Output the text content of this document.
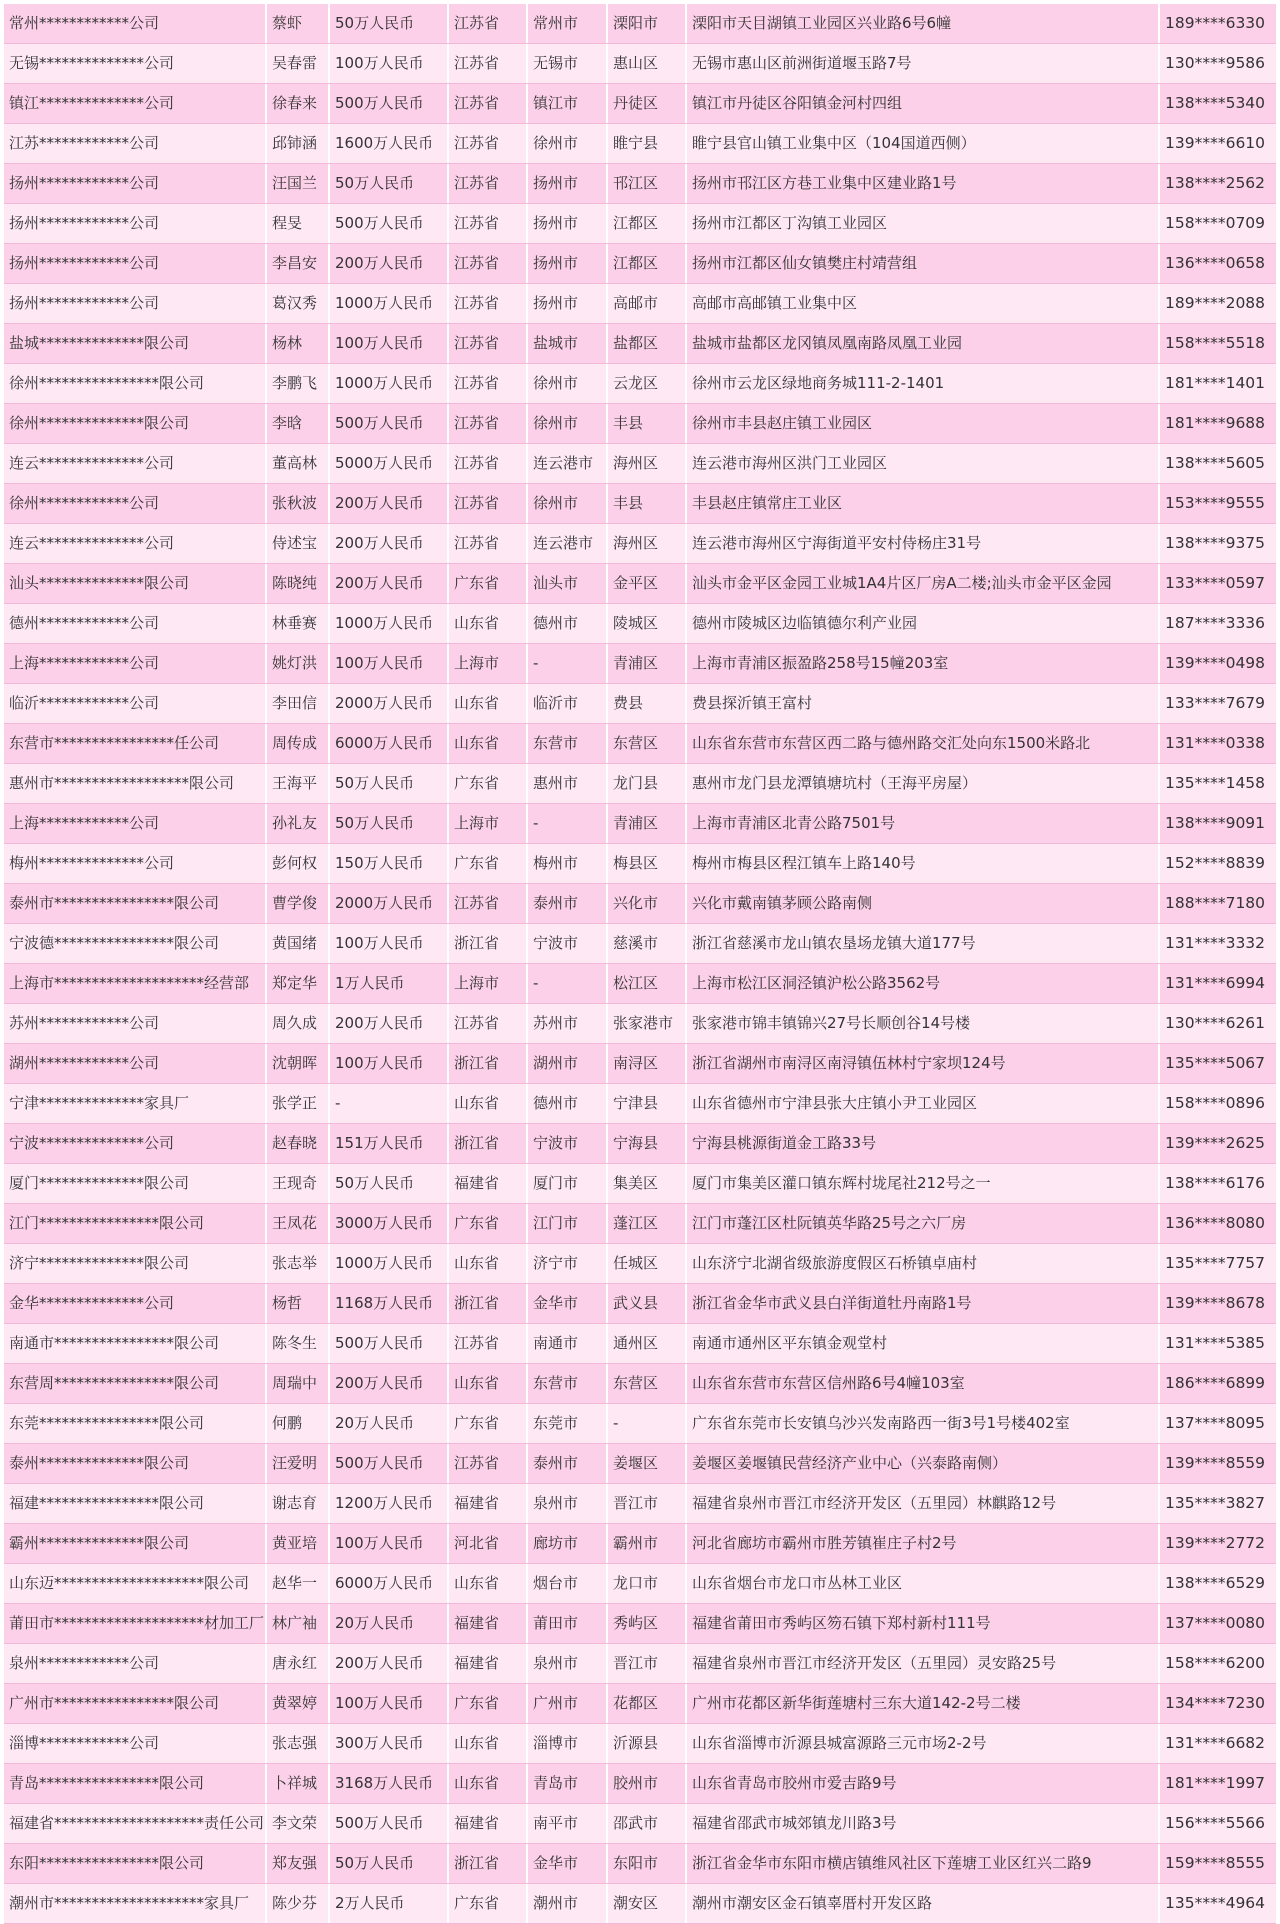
常州************公司	蔡虾	50万人民币	江苏省	常州市	溧阳市	溧阳市天目湖镇工业园区兴业路6号6幢	189****6330
无锡**************公司	吴春雷	100万人民币	江苏省	无锡市	惠山区	无锡市惠山区前洲街道堰玉路7号	130****9586
镇江**************公司	徐春来	500万人民币	江苏省	镇江市	丹徒区	镇江市丹徒区谷阳镇金河村四组	138****5340
江苏************公司	邱铈涵	1600万人民币	江苏省	徐州市	睢宁县	睢宁县官山镇工业集中区（104国道西侧）	139****6610
扬州************公司	汪国兰	50万人民币	江苏省	扬州市	邗江区	扬州市邗江区方巷工业集中区建业路1号	138****2562
扬州************公司	程旻	500万人民币	江苏省	扬州市	江都区	扬州市江都区丁沟镇工业园区	158****0709
扬州************公司	李昌安	200万人民币	江苏省	扬州市	江都区	扬州市江都区仙女镇樊庄村靖营组	136****0658
扬州************公司	葛汉秀	1000万人民币	江苏省	扬州市	高邮市	高邮市高邮镇工业集中区	189****2088
盐城**************限公司	杨林	100万人民币	江苏省	盐城市	盐都区	盐城市盐都区龙冈镇凤凰南路凤凰工业园	158****5518
徐州****************限公司	李鹏飞	1000万人民币	江苏省	徐州市	云龙区	徐州市云龙区绿地商务城111-2-1401	181****1401
徐州**************限公司	李晗	500万人民币	江苏省	徐州市	丰县	徐州市丰县赵庄镇工业园区	181****9688
连云**************公司	董高林	5000万人民币	江苏省	连云港市	海州区	连云港市海州区洪门工业园区	138****5605
徐州************公司	张秋波	200万人民币	江苏省	徐州市	丰县	丰县赵庄镇常庄工业区	153****9555
连云**************公司	侍述宝	200万人民币	江苏省	连云港市	海州区	连云港市海州区宁海街道平安村侍杨庄31号	138****9375
汕头**************限公司	陈晓纯	200万人民币	广东省	汕头市	金平区	汕头市金平区金园工业城1A4片区厂房A二楼;汕头市金平区金园	133****0597
德州************公司	林垂赛	1000万人民币	山东省	德州市	陵城区	德州市陵城区边临镇德尔利产业园	187****3336
上海************公司	姚灯洪	100万人民币	上海市	-	青浦区	上海市青浦区振盈路258号15幢203室	139****0498
临沂************公司	李田信	2000万人民币	山东省	临沂市	费县	费县探沂镇王富村	133****7679
东营市****************任公司	周传成	6000万人民币	山东省	东营市	东营区	山东省东营市东营区西二路与德州路交汇处向东1500米路北	131****0338
惠州市******************限公司	王海平	50万人民币	广东省	惠州市	龙门县	惠州市龙门县龙潭镇塘坑村（王海平房屋）	135****1458
上海************公司	孙礼友	50万人民币	上海市	-	青浦区	上海市青浦区北青公路7501号	138****9091
梅州**************公司	彭何权	150万人民币	广东省	梅州市	梅县区	梅州市梅县区程江镇车上路140号	152****8839
泰州市****************限公司	曹学俊	2000万人民币	江苏省	泰州市	兴化市	兴化市戴南镇茅顾公路南侧	188****7180
宁波德****************限公司	黄国绪	100万人民币	浙江省	宁波市	慈溪市	浙江省慈溪市龙山镇农垦场龙镇大道177号	131****3332
上海市********************经营部	郑定华	1万人民币	上海市	-	松江区	上海市松江区洞泾镇沪松公路3562号	131****6994
苏州************公司	周久成	200万人民币	江苏省	苏州市	张家港市	张家港市锦丰镇锦兴27号长顺创谷14号楼	130****6261
湖州************公司	沈朝晖	100万人民币	浙江省	湖州市	南浔区	浙江省湖州市南浔区南浔镇伍林村宁家坝124号	135****5067
宁津**************家具厂	张学正	-	山东省	德州市	宁津县	山东省德州市宁津县张大庄镇小尹工业园区	158****0896
宁波**************公司	赵春晓	151万人民币	浙江省	宁波市	宁海县	宁海县桃源街道金工路33号	139****2625
厦门**************限公司	王现奇	50万人民币	福建省	厦门市	集美区	厦门市集美区灌口镇东辉村垅尾社212号之一	138****6176
江门****************限公司	王凤花	3000万人民币	广东省	江门市	蓬江区	江门市蓬江区杜阮镇英华路25号之六厂房	136****8080
济宁**************限公司	张志举	1000万人民币	山东省	济宁市	任城区	山东济宁北湖省级旅游度假区石桥镇卓庙村	135****7757
金华**************公司	杨哲	1168万人民币	浙江省	金华市	武义县	浙江省金华市武义县白洋街道牡丹南路1号	139****8678
南通市****************限公司	陈冬生	500万人民币	江苏省	南通市	通州区	南通市通州区平东镇金观堂村	131****5385
东营周****************限公司	周瑞中	200万人民币	山东省	东营市	东营区	山东省东营市东营区信州路6号4幢103室	186****6899
东莞****************限公司	何鹏	20万人民币	广东省	东莞市	-	广东省东莞市长安镇乌沙兴发南路西一街3号1号楼402室	137****8095
泰州**************限公司	汪爱明	500万人民币	江苏省	泰州市	姜堰区	姜堰区姜堰镇民营经济产业中心（兴泰路南侧）	139****8559
福建****************限公司	谢志育	1200万人民币	福建省	泉州市	晋江市	福建省泉州市晋江市经济开发区（五里园）林麒路12号	135****3827
霸州**************限公司	黄亚培	100万人民币	河北省	廊坊市	霸州市	河北省廊坊市霸州市胜芳镇崔庄子村2号	139****2772
山东迈********************限公司	赵华一	6000万人民币	山东省	烟台市	龙口市	山东省烟台市龙口市丛林工业区	138****6529
莆田市********************材加工厂 林广袖	20万人民币	福建省	莆田市	秀屿区	福建省莆田市秀屿区笏石镇下郑村新村111号	137****0080
泉州************公司	唐永红	200万人民币	福建省	泉州市	晋江市	福建省泉州市晋江市经济开发区（五里园）灵安路25号	158****6200
广州市****************限公司	黄翠婷	100万人民币	广东省	广州市	花都区	广州市花都区新华街莲塘村三东大道142-2号二楼	134****7230
淄博************公司	张志强	300万人民币	山东省	淄博市	沂源县	山东省淄博市沂源县城富源路三元市场2-2号	131****6682
青岛****************限公司	卜祥城	3168万人民币	山东省	青岛市	胶州市	山东省青岛市胶州市爱吉路9号	181****1997
福建省********************责任公司 李文荣	500万人民币	福建省	南平市	邵武市	福建省邵武市城郊镇龙川路3号	156****5566
东阳****************限公司	郑友强	50万人民币	浙江省	金华市	东阳市	浙江省金华市东阳市横店镇维风社区下莲塘工业区红兴二路9	159****8555
潮州市********************家具厂	陈少芬	2万人民币	广东省	潮州市	潮安区	潮州市潮安区金石镇辜厝村开发区路	135****4964
